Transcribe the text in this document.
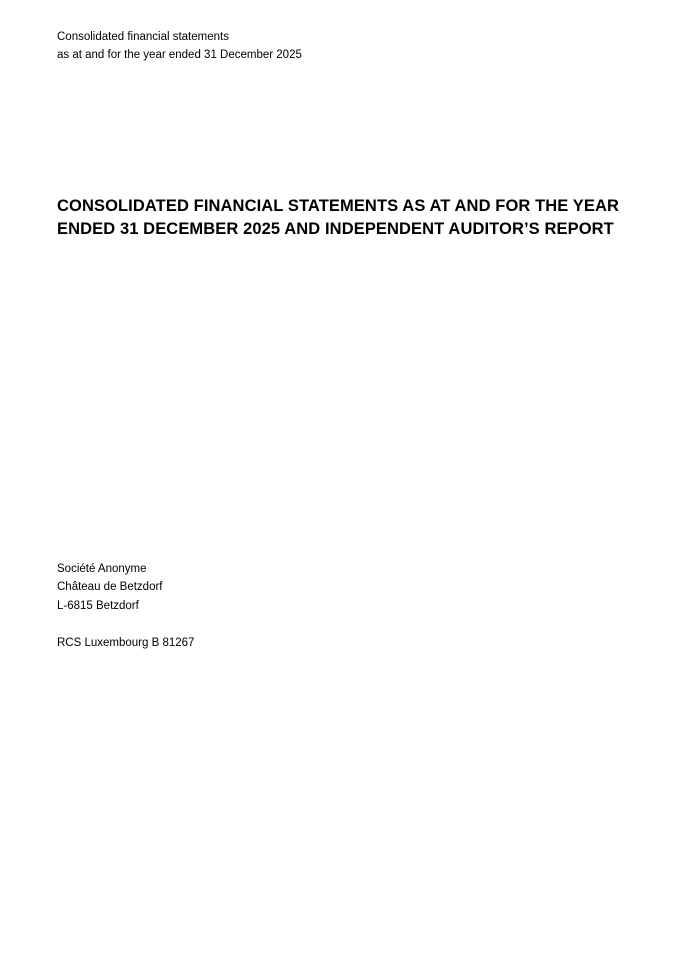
Consolidated financial statements
as at and for the year ended 31 December 2025
CONSOLIDATED FINANCIAL STATEMENTS AS AT AND FOR THE YEAR
ENDED 31 DECEMBER 2025 AND INDEPENDENT AUDITOR’S REPORT
Société Anonyme
Château de Betzdorf
L-6815 Betzdorf
RCS Luxembourg B 81267
